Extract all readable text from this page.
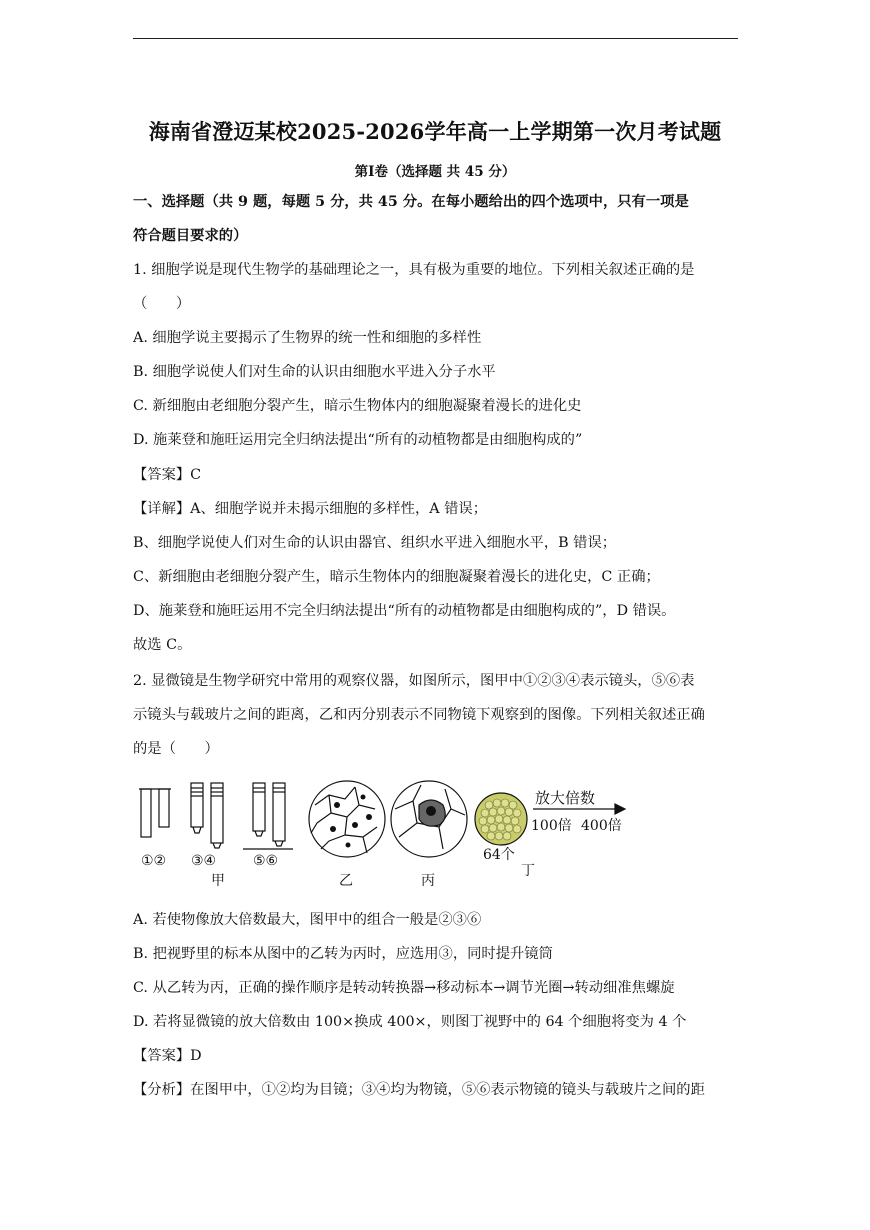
海南省澄迈某校2025-2026学年高一上学期第一次月考试题
第Ⅰ卷（选择题 共 45 分）
一、选择题（共 9 题，每题 5 分，共 45 分。在每小题给出的四个选项中，只有一项是
符合题目要求的）
1. 细胞学说是现代生物学的基础理论之一，具有极为重要的地位。下列相关叙述正确的是
（　　）
A. 细胞学说主要揭示了生物界的统一性和细胞的多样性
B. 细胞学说使人们对生命的认识由细胞水平进入分子水平
C. 新细胞由老细胞分裂产生，暗示生物体内的细胞凝聚着漫长的进化史
D. 施莱登和施旺运用完全归纳法提出“所有的动植物都是由细胞构成的”
【答案】C
【详解】A、细胞学说并未揭示细胞的多样性，A 错误；
B、细胞学说使人们对生命的认识由器官、组织水平进入细胞水平，B 错误；
C、新细胞由老细胞分裂产生，暗示生物体内的细胞凝聚着漫长的进化史，C 正确；
D、施莱登和施旺运用不完全归纳法提出“所有的动植物都是由细胞构成的”，D 错误。
故选 C。
2. 显微镜是生物学研究中常用的观察仪器，如图所示，图甲中①②③④表示镜头，⑤⑥表
示镜头与载玻片之间的距离，乙和丙分别表示不同物镜下观察到的图像。下列相关叙述正确
的是（　　）
①② ③④	⑤⑥
甲	乙	丙
丁
64个
放大倍数
100倍 400倍
A. 若使物像放大倍数最大，图甲中的组合一般是②③⑥
B. 把视野里的标本从图中的乙转为丙时，应选用③，同时提升镜筒
C. 从乙转为丙，正确的操作顺序是转动转换器→移动标本→调节光圈→转动细准焦螺旋
D. 若将显微镜的放大倍数由 100×换成 400×，则图丁视野中的 64 个细胞将变为 4 个
【答案】D
【分析】在图甲中，①②均为目镜；③④均为物镜，⑤⑥表示物镜的镜头与载玻片之间的距
